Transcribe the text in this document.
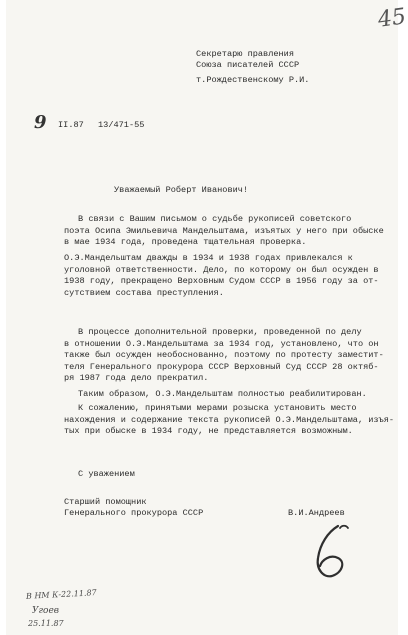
45
Секретарю правления
Союза писателей СССР
т.Рождественскому Р.И.
9 II.87 13/471-55
Уважаемый Роберт Иванович!
В связи с Вашим письмом о судьбе рукописей советского
поэта Осипа Эмильевича Мандельштама, изъятых у него при обыске
в мае 1934 года, проведена тщательная проверка.
О.Э.Мандельштам дважды в 1934 и 1938 годах привлекался к
уголовной ответственности. Дело, по которому он был осужден в
1938 году, прекращено Верховным Судом СССР в 1956 году за от-
сутствием состава преступления.
В процессе дополнительной проверки, проведенной по делу
в отношении О.Э.Мандельштама за 1934 год, установлено, что он
также был осужден необоснованно, поэтому по протесту заместит-
теля Генерального прокурора СССР Верховный Суд СССР 28 октяб-
ря 1987 года дело прекратил.
Таким образом, О.Э.Мандельштам полностью реабилитирован.
К сожалению, принятыми мерами розыска установить место
нахождения и содержание текста рукописей О.Э.Мандельштама, изъя-
тых при обыске в 1934 году, не представляется возможным.
С уважением
Старший помощник
Генерального прокурора СССР	В.И.Андреев
В НМ К-22.11.87
Угоев
25.11.87
